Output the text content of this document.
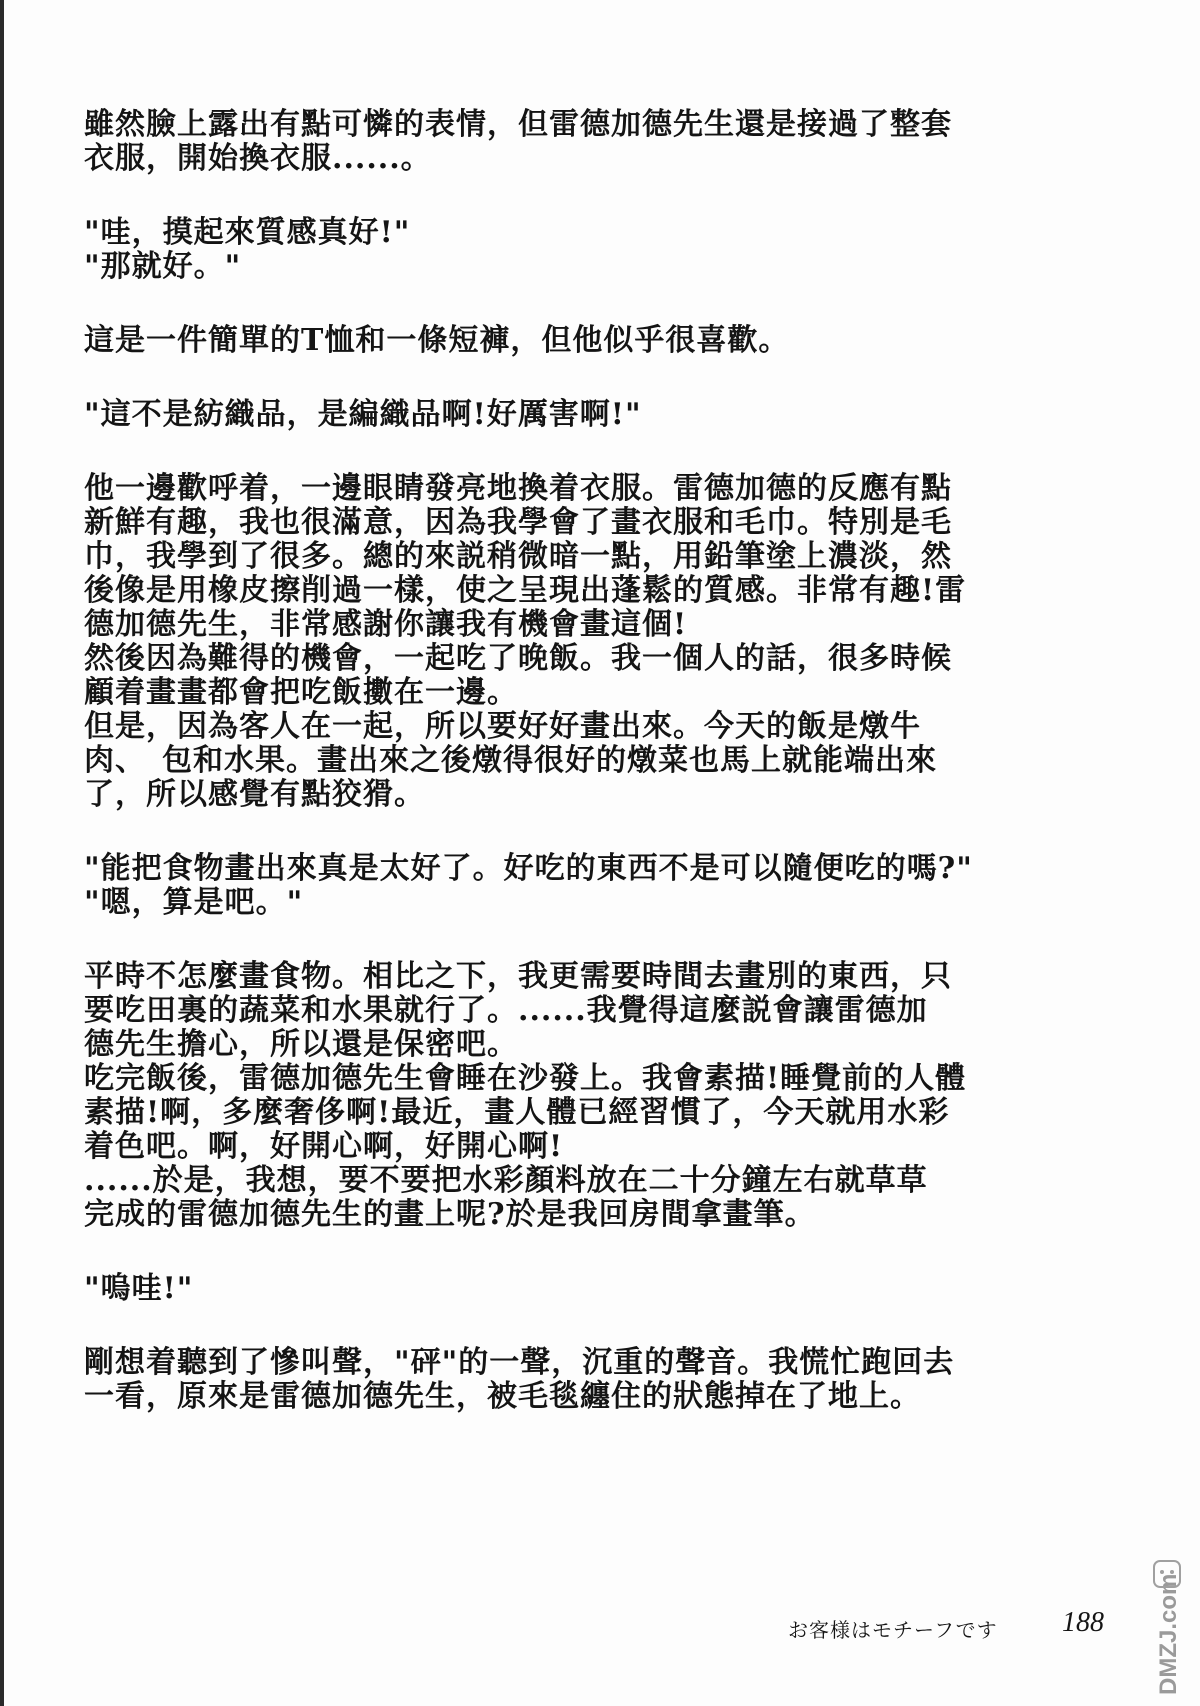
雖然臉上露出有點可憐的表情，但雷德加德先生還是接過了整套
衣服，開始換衣服......。
"哇，摸起來質感真好!"
"那就好。"
這是一件簡單的T恤和一條短褲，但他似乎很喜歡。
"這不是紡織品，是編織品啊!好厲害啊!"
他一邊歡呼着，一邊眼睛發亮地換着衣服。雷德加德的反應有點
新鮮有趣，我也很滿意，因為我學會了畫衣服和毛巾。特別是毛
巾，我學到了很多。總的來説稍微暗一點，用鉛筆塗上濃淡，然
後像是用橡皮擦削過一樣，使之呈現出蓬鬆的質感。非常有趣!雷
德加德先生，非常感謝你讓我有機會畫這個!
然後因為難得的機會，一起吃了晚飯。我一個人的話，很多時候
顧着畫畫都會把吃飯擻在一邊。
但是，因為客人在一起，所以要好好畫出來。今天的飯是燉牛
肉、　包和水果。畫出來之後燉得很好的燉菜也馬上就能端出來
了，所以感覺有點狡猾。
"能把食物畫出來真是太好了。好吃的東西不是可以隨便吃的嗎?"
"嗯，算是吧。"
平時不怎麼畫食物。相比之下，我更需要時間去畫別的東西，只
要吃田裏的蔬菜和水果就行了。......我覺得這麼説會讓雷德加
德先生擔心，所以還是保密吧。
吃完飯後，雷德加德先生會睡在沙發上。我會素描!睡覺前的人體
素描!啊，多麼奢侈啊!最近，畫人體已經習慣了，今天就用水彩
着色吧。啊，好開心啊，好開心啊!
......於是，我想，要不要把水彩顏料放在二十分鐘左右就草草
完成的雷德加德先生的畫上呢?於是我回房間拿畫筆。
"嗚哇!"
剛想着聽到了慘叫聲，"砰"的一聲，沉重的聲音。我慌忙跑回去
一看，原來是雷德加德先生，被毛毯纏住的狀態掉在了地上。
お客様はモチーフです 188 DMZJ.com
